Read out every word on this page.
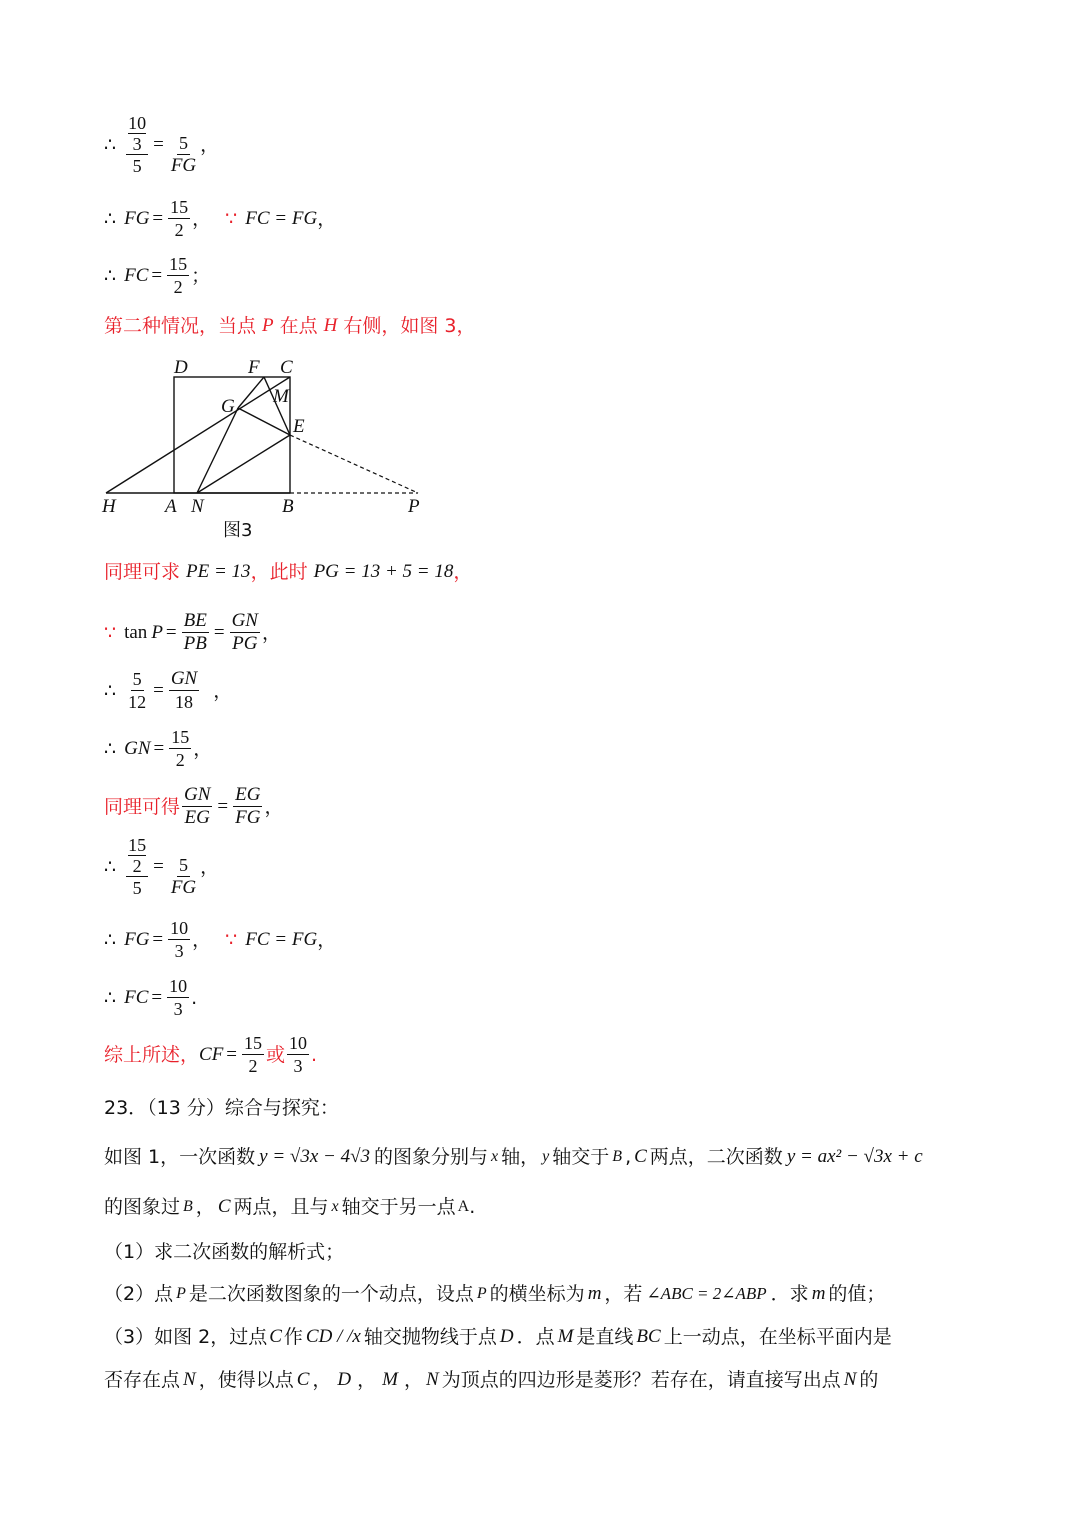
∴ 10
3
$5 = \frac{5}{FG}$ ，
∴ FG = $\frac{15}{2}$ ， ∵ FC = FG ，
∴ FC = $\frac{15}{2}$ ；
第二种情况，当点 P 在点 H 右侧，如图 3，
D	F C
G M
E
H	A N	B	P
图3
同理可求 PE = 13 ，此时 PG = 13 + 5 = 18 ，
∵ $\tan P = \frac{BE}{PB} = \frac{GN}{PG}$ ，
∴ $\frac{5}{12} = \frac{GN}{18}$ ，
∴ GN = $\frac{15}{2}$ ，
同理可得 $\frac{GN}{EG} = \frac{EG}{FG}$ ，
∴ 15
2
$5 = \frac{5}{FG}$ ，
∴ FG = $\frac{10}{3}$ ， ∵ FC = FG ，
∴ FC = $\frac{10}{3}$ .
综上所述， CF = $\frac{15}{2}$ 或 $\frac{10}{3}$ .
23．（13 分）综合与探究：
如图 1，一次函数 y = √3x − 4√3 的图象分别与 x 轴， y 轴交于 B , C 两点，二次函数 y = ax² − √3x + c
的图象过 B ， C 两点，且与 x 轴交于另一点 A .
（1）求二次函数的解析式；
（2）点 P 是二次函数图象的一个动点，设点 P 的横坐标为 m ，若 ∠ABC = 2∠ABP ．求 m 的值；
（3）如图 2，过点 C 作 CD / /x 轴交抛物线于点 D ．点 M 是直线 BC 上一动点，在坐标平面内是
否存在点 N ，使得以点 C ， D ， M ， N 为顶点的四边形是菱形？若存在，请直接写出点 N 的
